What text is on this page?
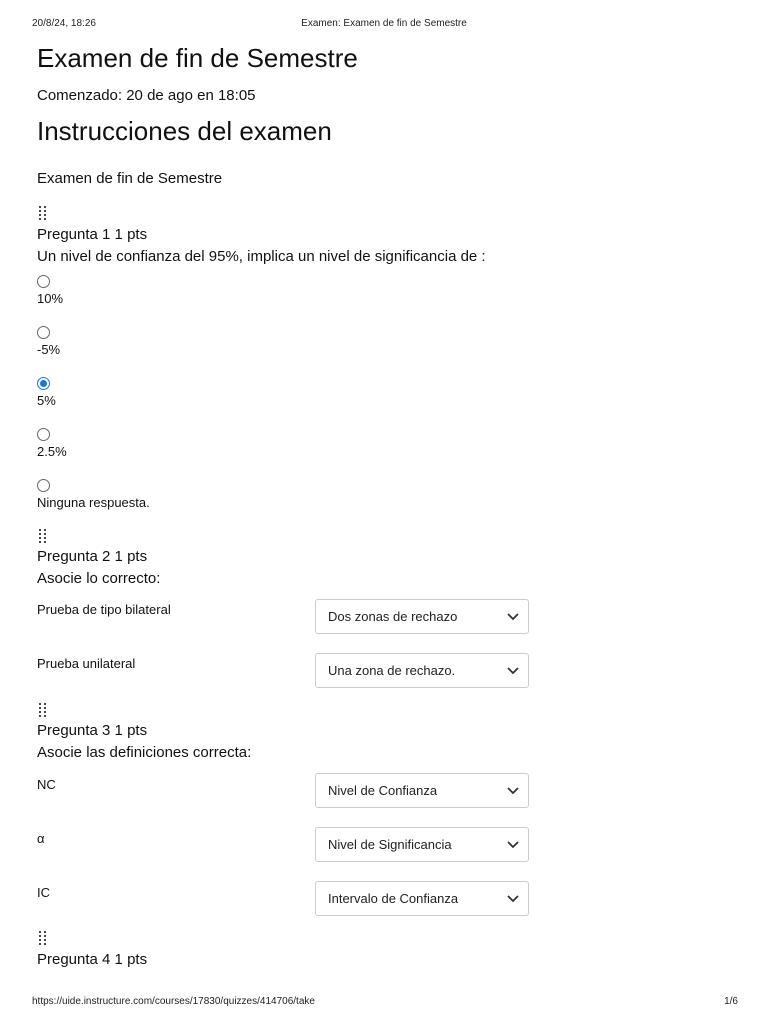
20/8/24, 18:26	Examen: Examen de fin de Semestre
Examen de fin de Semestre
Comenzado: 20 de ago en 18:05
Instrucciones del examen
Examen de fin de Semestre
Pregunta 1 1 pts
Un nivel de confianza del 95%, implica un nivel de significancia de :
10%
-5%
5%
2.5%
Ninguna respuesta.
Pregunta 2 1 pts
Asocie lo correcto:
Prueba de tipo bilateral	Dos zonas de rechazo
Prueba unilateral	Una zona de rechazo.
Pregunta 3 1 pts
Asocie las definiciones correcta:
NC	Nivel de Confianza
α	Nivel de Significancia
IC	Intervalo de Confianza
Pregunta 4 1 pts
https://uide.instructure.com/courses/17830/quizzes/414706/take	1/6
